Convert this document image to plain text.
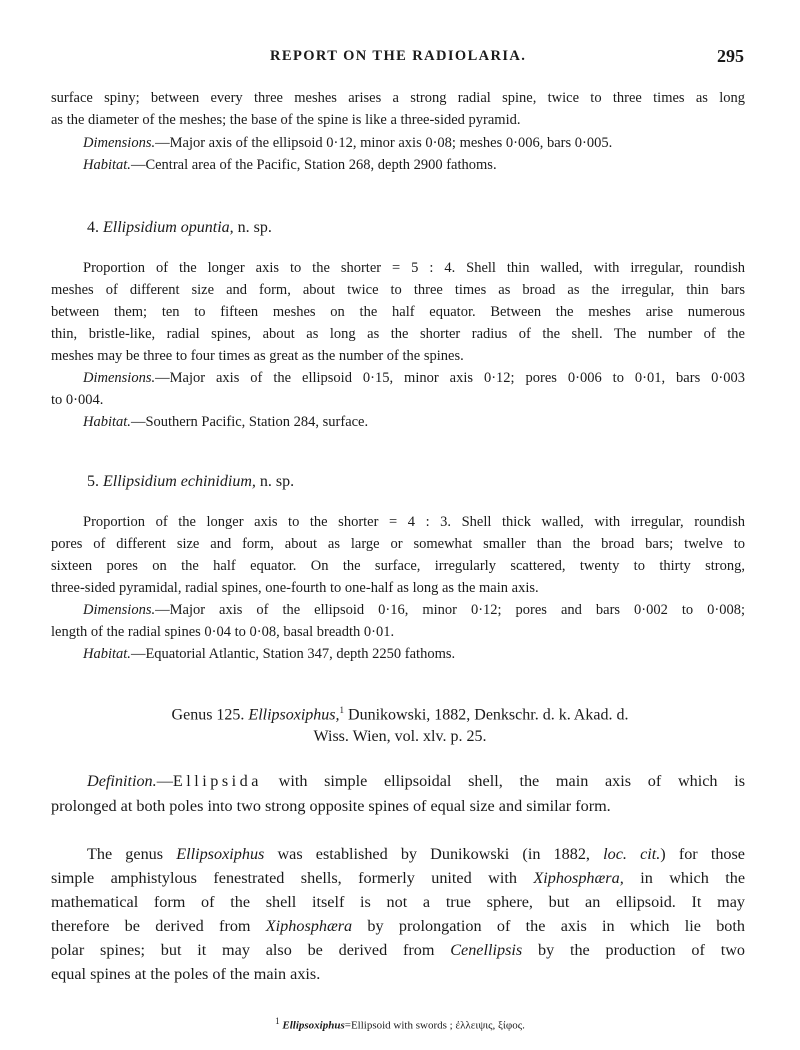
REPORT ON THE RADIOLARIA.	295
surface spiny; between every three meshes arises a strong radial spine, twice to three times as long
as the diameter of the meshes; the base of the spine is like a three-sided pyramid.
Dimensions.—Major axis of the ellipsoid 0·12, minor axis 0·08; meshes 0·006, bars 0·005.
Habitat.—Central area of the Pacific, Station 268, depth 2900 fathoms.
4. Ellipsidium opuntia, n. sp.
Proportion of the longer axis to the shorter = 5 : 4. Shell thin walled, with irregular, roundish
meshes of different size and form, about twice to three times as broad as the irregular, thin bars
between them; ten to fifteen meshes on the half equator. Between the meshes arise numerous
thin, bristle-like, radial spines, about as long as the shorter radius of the shell. The number of the
meshes may be three to four times as great as the number of the spines.
Dimensions.—Major axis of the ellipsoid 0·15, minor axis 0·12; pores 0·006 to 0·01, bars 0·003
to 0·004.
Habitat.—Southern Pacific, Station 284, surface.
5. Ellipsidium echinidium, n. sp.
Proportion of the longer axis to the shorter = 4 : 3. Shell thick walled, with irregular, roundish
pores of different size and form, about as large or somewhat smaller than the broad bars; twelve to
sixteen pores on the half equator. On the surface, irregularly scattered, twenty to thirty strong,
three-sided pyramidal, radial spines, one-fourth to one-half as long as the main axis.
Dimensions.—Major axis of the ellipsoid 0·16, minor 0·12; pores and bars 0·002 to 0·008;
length of the radial spines 0·04 to 0·08, basal breadth 0·01.
Habitat.—Equatorial Atlantic, Station 347, depth 2250 fathoms.
Genus 125. Ellipsoxiphus,$^1$ Dunikowski, 1882, Denkschr. d. k. Akad. d.
Wiss. Wien, vol. xlv. p. 25.
Definition.—Ellipsida with simple ellipsoidal shell, the main axis of which is
prolonged at both poles into two strong opposite spines of equal size and similar form.
The genus Ellipsoxiphus was established by Dunikowski (in 1882, loc. cit.) for those
simple amphistylous fenestrated shells, formerly united with Xiphosphæra, in which the
mathematical form of the shell itself is not a true sphere, but an ellipsoid. It may
therefore be derived from Xiphosphæra by prolongation of the axis in which lie both
polar spines; but it may also be derived from Cenellipsis by the production of two
equal spines at the poles of the main axis.
$^1$ Ellipsoxiphus=Ellipsoid with swords ; ἐλλειψις, ξίφος.
